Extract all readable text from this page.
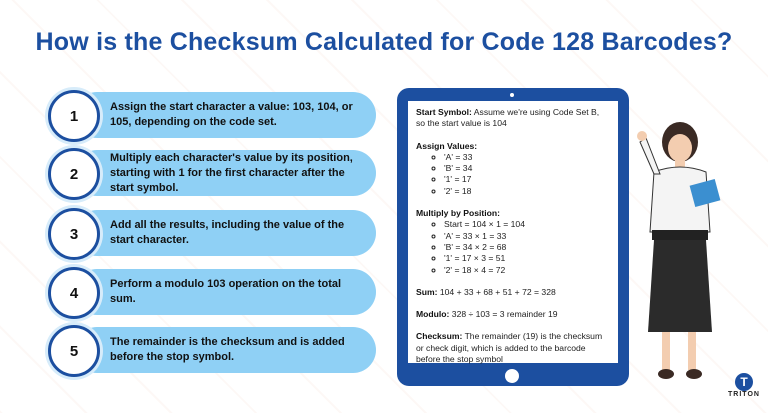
How is the Checksum Calculated for Code 128 Barcodes?
1
Assign the start character a value: 103, 104, or 105, depending on the code set.
2
Multiply each character's value by its position, starting with 1 for the first character after the start symbol.
3
Add all the results, including the value of the start character.
4
Perform a modulo 103 operation on the total sum.
5
The remainder is the checksum and is added before the stop symbol.

Start Symbol: Assume we're using Code Set B, so the start value is 104

Assign Values:
◦ 'A' = 33
◦ 'B' = 34
◦ '1' = 17
◦ '2' = 18
Multiply by Position:
◦ Start = 104 × 1 = 104
◦ 'A' = 33 × 1 = 33
◦ 'B' = 34 × 2 = 68
◦ '1' = 17 × 3 = 51
◦ '2' = 18 × 4 = 72

Sum: 104 + 33 + 68 + 51 + 72 = 328

Modulo: 328 ÷ 103 = 3 remainder 19

Checksum: The remainder (19) is the checksum or check digit, which is added to the barcode before the stop symbol

T
TRITON
